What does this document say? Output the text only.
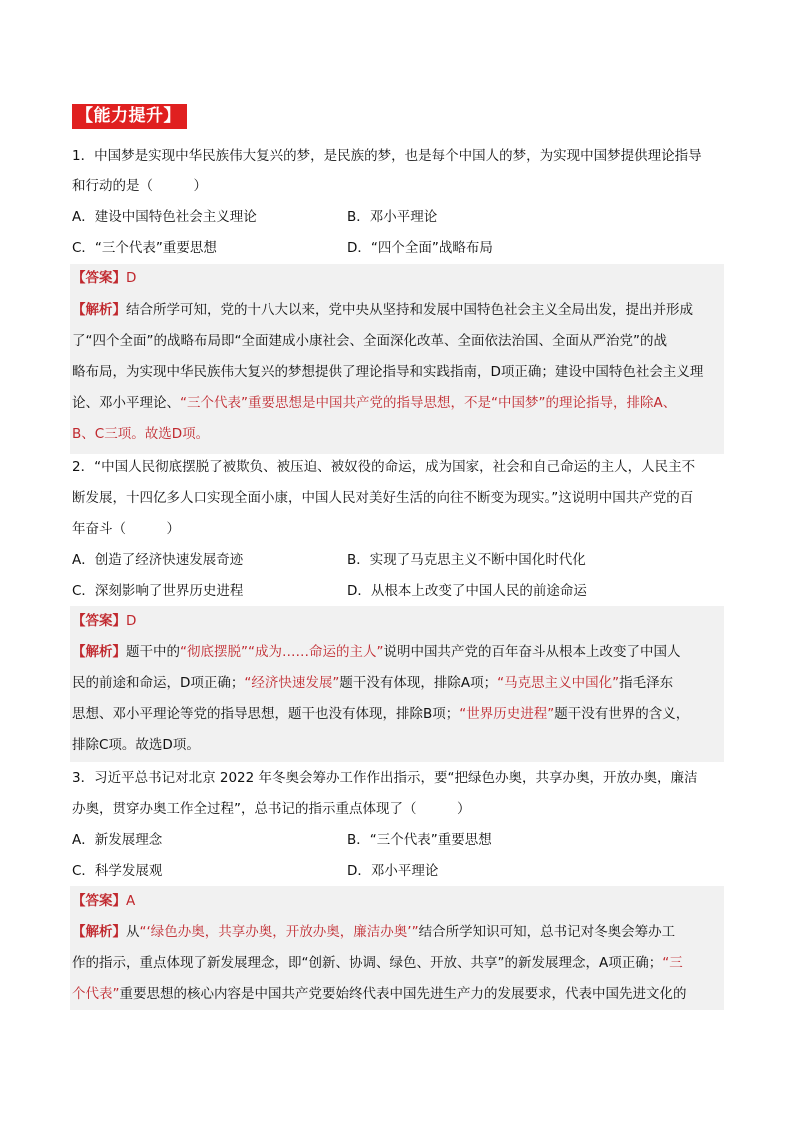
【能力提升】
1．中国梦是实现中华民族伟大复兴的梦，是民族的梦，也是每个中国人的梦，为实现中国梦提供理论指导
和行动的是（　　　）
A．建设中国特色社会主义理论	B．邓小平理论
C．“三个代表”重要思想	D．“四个全面”战略布局
【答案】D
【解析】结合所学可知，党的十八大以来，党中央从坚持和发展中国特色社会主义全局出发，提出并形成
了“四个全面”的战略布局即“全面建成小康社会、全面深化改革、全面依法治国、全面从严治党”的战
略布局，为实现中华民族伟大复兴的梦想提供了理论指导和实践指南，D项正确；建设中国特色社会主义理
论、邓小平理论、“三个代表”重要思想是中国共产党的指导思想，不是“中国梦”的理论指导，排除A、
B、C三项。故选D项。
2．“中国人民彻底摆脱了被欺负、被压迫、被奴役的命运，成为国家，社会和自己命运的主人，人民主不
断发展，十四亿多人口实现全面小康，中国人民对美好生活的向往不断变为现实。”这说明中国共产党的百
年奋斗（　　　）
A．创造了经济快速发展奇迹	B．实现了马克思主义不断中国化时代化
C．深刻影响了世界历史进程	D．从根本上改变了中国人民的前途命运
【答案】D
【解析】题干中的“彻底摆脱”“成为……命运的主人”说明中国共产党的百年奋斗从根本上改变了中国人
民的前途和命运，D项正确；“经济快速发展”题干没有体现，排除A项；“马克思主义中国化”指毛泽东
思想、邓小平理论等党的指导思想，题干也没有体现，排除B项；“世界历史进程”题干没有世界的含义，
排除C项。故选D项。
3．习近平总书记对北京 2022 年冬奥会筹办工作作出指示，要“把绿色办奥，共享办奥，开放办奥，廉洁
办奥，贯穿办奥工作全过程”，总书记的指示重点体现了（　　　）
A．新发展理念	B．“三个代表”重要思想
C．科学发展观	D．邓小平理论
【答案】A
【解析】从“‘绿色办奥，共享办奥，开放办奥，廉洁办奥’”结合所学知识可知，总书记对冬奥会筹办工
作的指示，重点体现了新发展理念，即“创新、协调、绿色、开放、共享”的新发展理念，A项正确；“三
个代表”重要思想的核心内容是中国共产党要始终代表中国先进生产力的发展要求，代表中国先进文化的
